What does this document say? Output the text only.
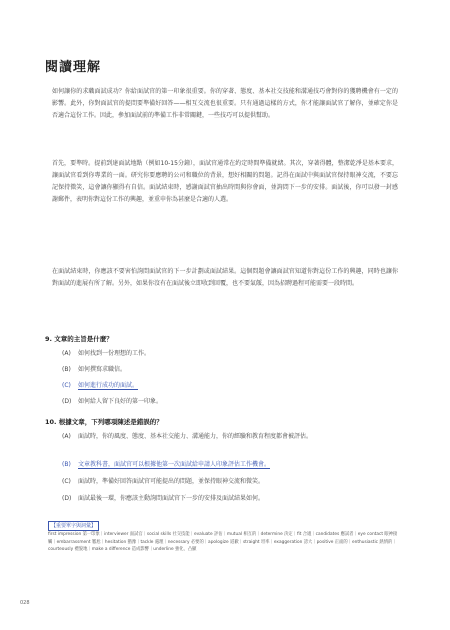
閱讀理解

如何讓你的求職面試成功？你給面試官的第一印象很重要。你的穿著、態度、基本社交技能和溝通技巧會對你的獲聘機會有一定的影響。此外，你對面試官的提問要準備好回答——相互交流也很重要。只有通過這樣的方式，你才能讓面試官了解你，並確定你是否適合這份工作。因此，參加面試前的準備工作非常關鍵，一些技巧可以提供幫助。

首先，要準時。提前到達面試地點（例如10-15分鐘），面試官通常在約定時間準備就緒。其次，穿著得體，整潔乾淨是基本要求，讓面試官看到你專業的一面。研究你要應聘的公司和職位的背景，想好相關的問題。記得在面試中與面試官保持眼神交流，不要忘記保持微笑，這會讓你顯得有自信。面試結束時，感謝面試官抽出時間與你會面，並詢問下一步的安排。面試後，你可以發一封感謝郵件，表明你對這份工作的興趣，並重申你為甚麼是合適的人選。

在面試結束時，你應該不要害怕詢問面試官的下一步計劃或面試結果。這個問題會讓面試官知道你對這份工作的興趣，同時也讓你對面試的進展有所了解。另外，如果你沒有在面試後立即收到回覆，也不要氣餒，因為招聘過程可能需要一段時間。

9. 文章的主旨是什麼？

(A) 如何找到一份理想的工作。
(B) 如何撰寫求職信。
(C) 如何進行成功的面試。
(D) 如何給人留下良好的第一印象。

10. 根據文章，下列哪項陳述是錯誤的？

(A) 面試時，你的風度、態度、基本社交能力、溝通能力，你的經驗和教育程度都會被評估。
(B) 文章教科書，面試官可以根據他第一次面試給申請人印象評估工作機會。
(C) 面試時，準備好回答面試官可能提出的問題，並保持眼神交流和微笑。
(D) 面試最後一環，你應該主動詢問面試官下一步的安排及面試結果如何。
【重要單字與詞彙】

first impression 第一印象｜interviewer 面試官｜social skills 社交技能｜evaluate 評估｜mutual 相互的｜determine 決定｜fit 合適｜candidates 應試者｜eye contact 眼神接觸｜embarrassment 尷尬｜hesitation 猶豫｜tackle 處理｜necessary 必要的｜apologize 道歉｜straight 坦率｜exaggeration 誇大｜positive 正面的｜enthusiastic 熱情的｜courteously 禮貌地｜make a difference 造成影響｜underline 強化、凸顯

028
